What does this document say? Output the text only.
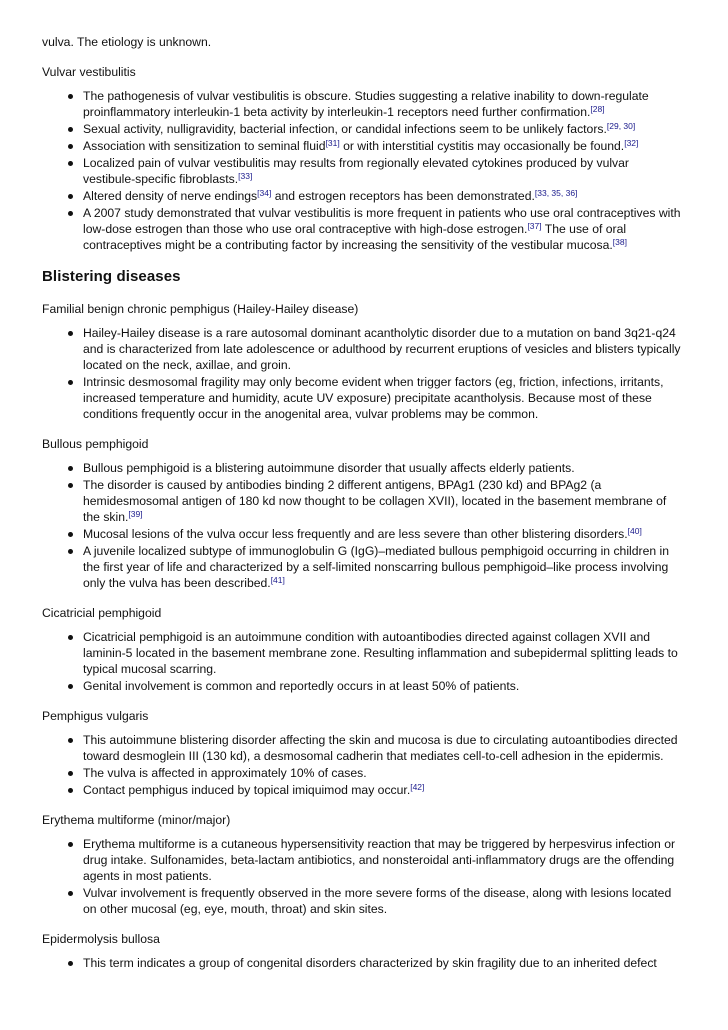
vulva. The etiology is unknown.

Vulvar vestibulitis
The pathogenesis of vulvar vestibulitis is obscure. Studies suggesting a relative inability to down-regulate proinflammatory interleukin-1 beta activity by interleukin-1 receptors need further confirmation.[28]
Sexual activity, nulligravidity, bacterial infection, or candidal infections seem to be unlikely factors.[29, 30]
Association with sensitization to seminal fluid[31] or with interstitial cystitis may occasionally be found.[32]
Localized pain of vulvar vestibulitis may results from regionally elevated cytokines produced by vulvar vestibule-specific fibroblasts.[33]
Altered density of nerve endings[34] and estrogen receptors has been demonstrated.[33, 35, 36]
A 2007 study demonstrated that vulvar vestibulitis is more frequent in patients who use oral contraceptives with low-dose estrogen than those who use oral contraceptive with high-dose estrogen.[37] The use of oral contraceptives might be a contributing factor by increasing the sensitivity of the vestibular mucosa.[38]
Blistering diseases
Familial benign chronic pemphigus (Hailey-Hailey disease)
Hailey-Hailey disease is a rare autosomal dominant acantholytic disorder due to a mutation on band 3q21-q24 and is characterized from late adolescence or adulthood by recurrent eruptions of vesicles and blisters typically located on the neck, axillae, and groin.
Intrinsic desmosomal fragility may only become evident when trigger factors (eg, friction, infections, irritants, increased temperature and humidity, acute UV exposure) precipitate acantholysis. Because most of these conditions frequently occur in the anogenital area, vulvar problems may be common.
Bullous pemphigoid
Bullous pemphigoid is a blistering autoimmune disorder that usually affects elderly patients.
The disorder is caused by antibodies binding 2 different antigens, BPAg1 (230 kd) and BPAg2 (a hemidesmosomal antigen of 180 kd now thought to be collagen XVII), located in the basement membrane of the skin.[39]
Mucosal lesions of the vulva occur less frequently and are less severe than other blistering disorders.[40]
A juvenile localized subtype of immunoglobulin G (IgG)–mediated bullous pemphigoid occurring in children in the first year of life and characterized by a self-limited nonscarring bullous pemphigoid–like process involving only the vulva has been described.[41]
Cicatricial pemphigoid
Cicatricial pemphigoid is an autoimmune condition with autoantibodies directed against collagen XVII and laminin-5 located in the basement membrane zone. Resulting inflammation and subepidermal splitting leads to typical mucosal scarring.
Genital involvement is common and reportedly occurs in at least 50% of patients.
Pemphigus vulgaris
This autoimmune blistering disorder affecting the skin and mucosa is due to circulating autoantibodies directed toward desmoglein III (130 kd), a desmosomal cadherin that mediates cell-to-cell adhesion in the epidermis.
The vulva is affected in approximately 10% of cases.
Contact pemphigus induced by topical imiquimod may occur.[42]
Erythema multiforme (minor/major)
Erythema multiforme is a cutaneous hypersensitivity reaction that may be triggered by herpesvirus infection or drug intake. Sulfonamides, beta-lactam antibiotics, and nonsteroidal anti-inflammatory drugs are the offending agents in most patients.
Vulvar involvement is frequently observed in the more severe forms of the disease, along with lesions located on other mucosal (eg, eye, mouth, throat) and skin sites.
Epidermolysis bullosa
This term indicates a group of congenital disorders characterized by skin fragility due to an inherited defect
